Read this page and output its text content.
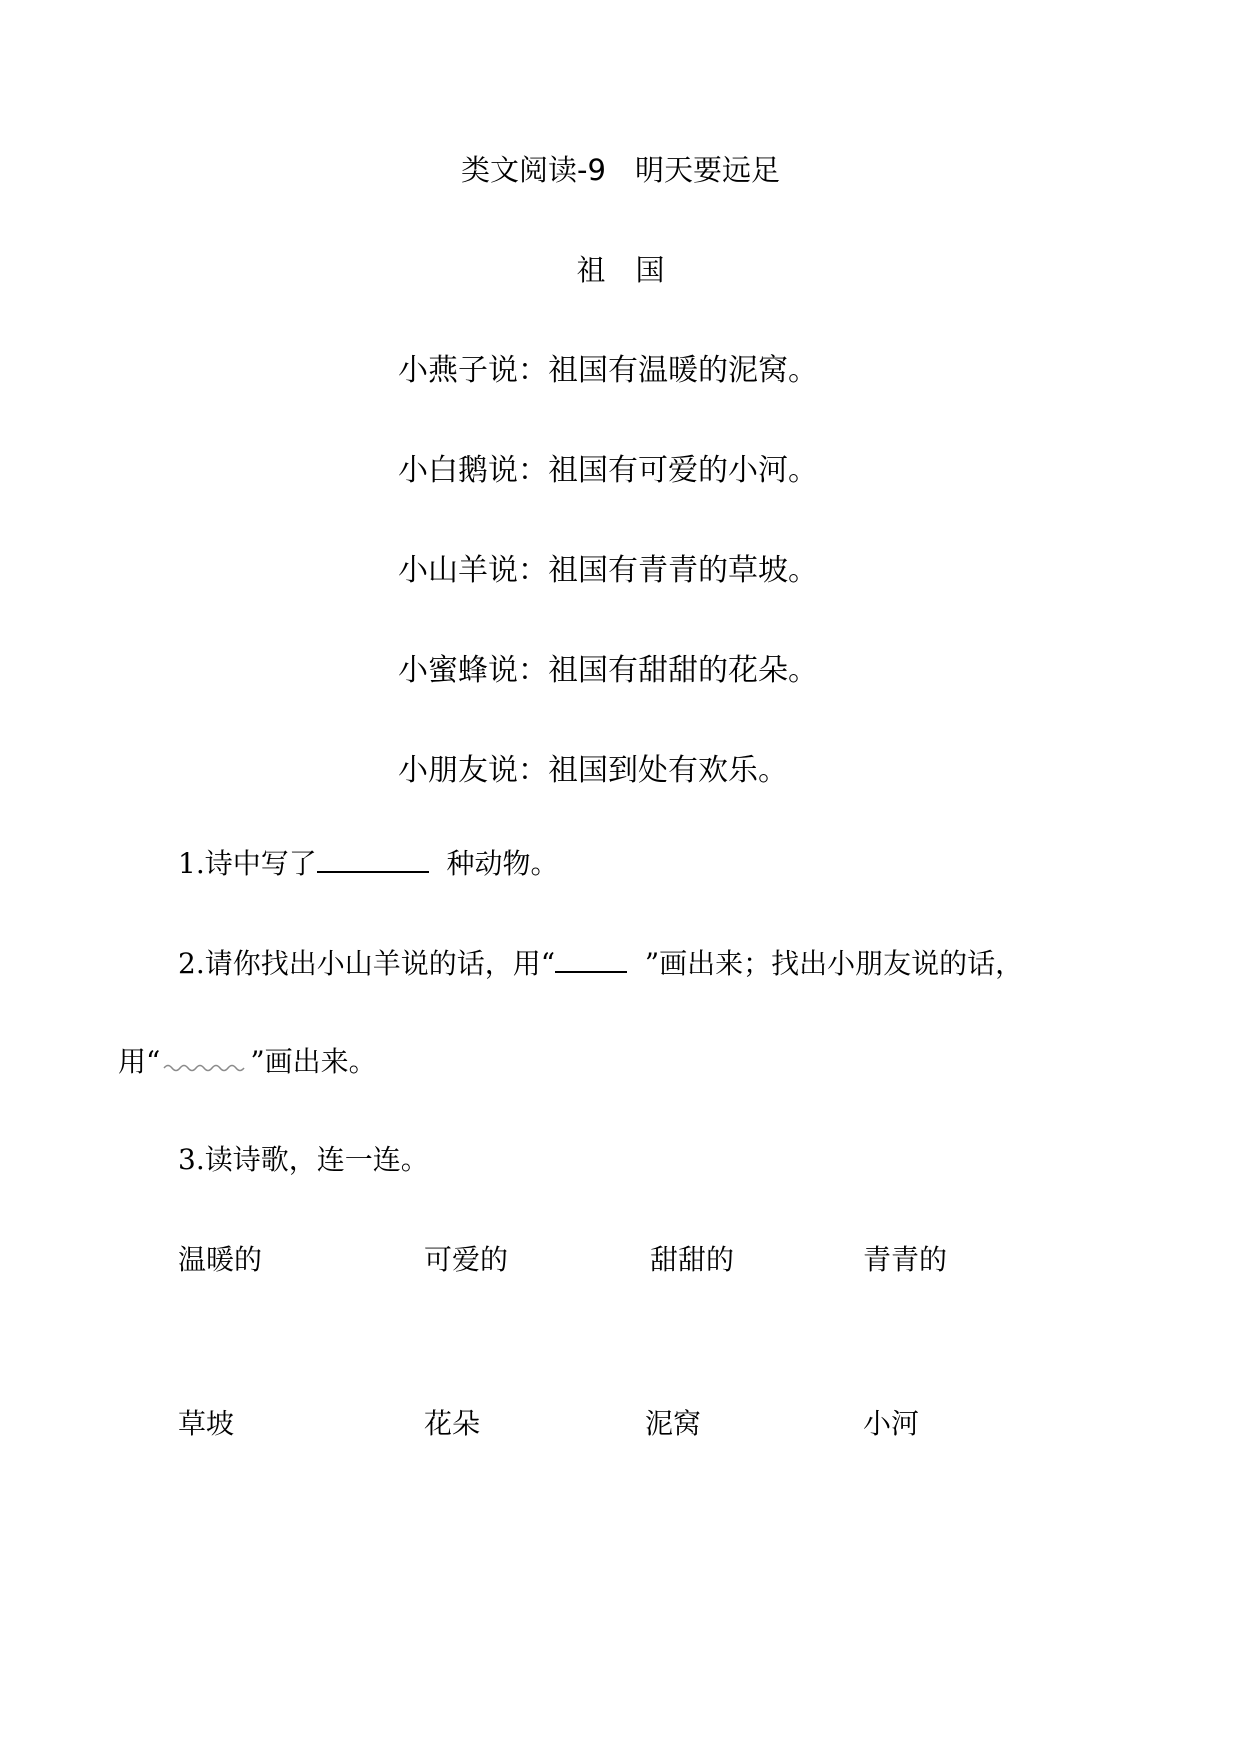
类文阅读-9　明天要远足
祖国
小燕子说：祖国有温暖的泥窝。
小白鹅说：祖国有可爱的小河。
小山羊说：祖国有青青的草坡。
小蜜蜂说：祖国有甜甜的花朵。
小朋友说：祖国到处有欢乐。
1.诗中写了	种动物。
2.请你找出小山羊说的话，用“	”画出来；找出小朋友说的话，
用“	”画出来。
3.读诗歌，连一连。
温暖的	可爱的	甜甜的	青青的
草坡	花朵	泥窝	小河
